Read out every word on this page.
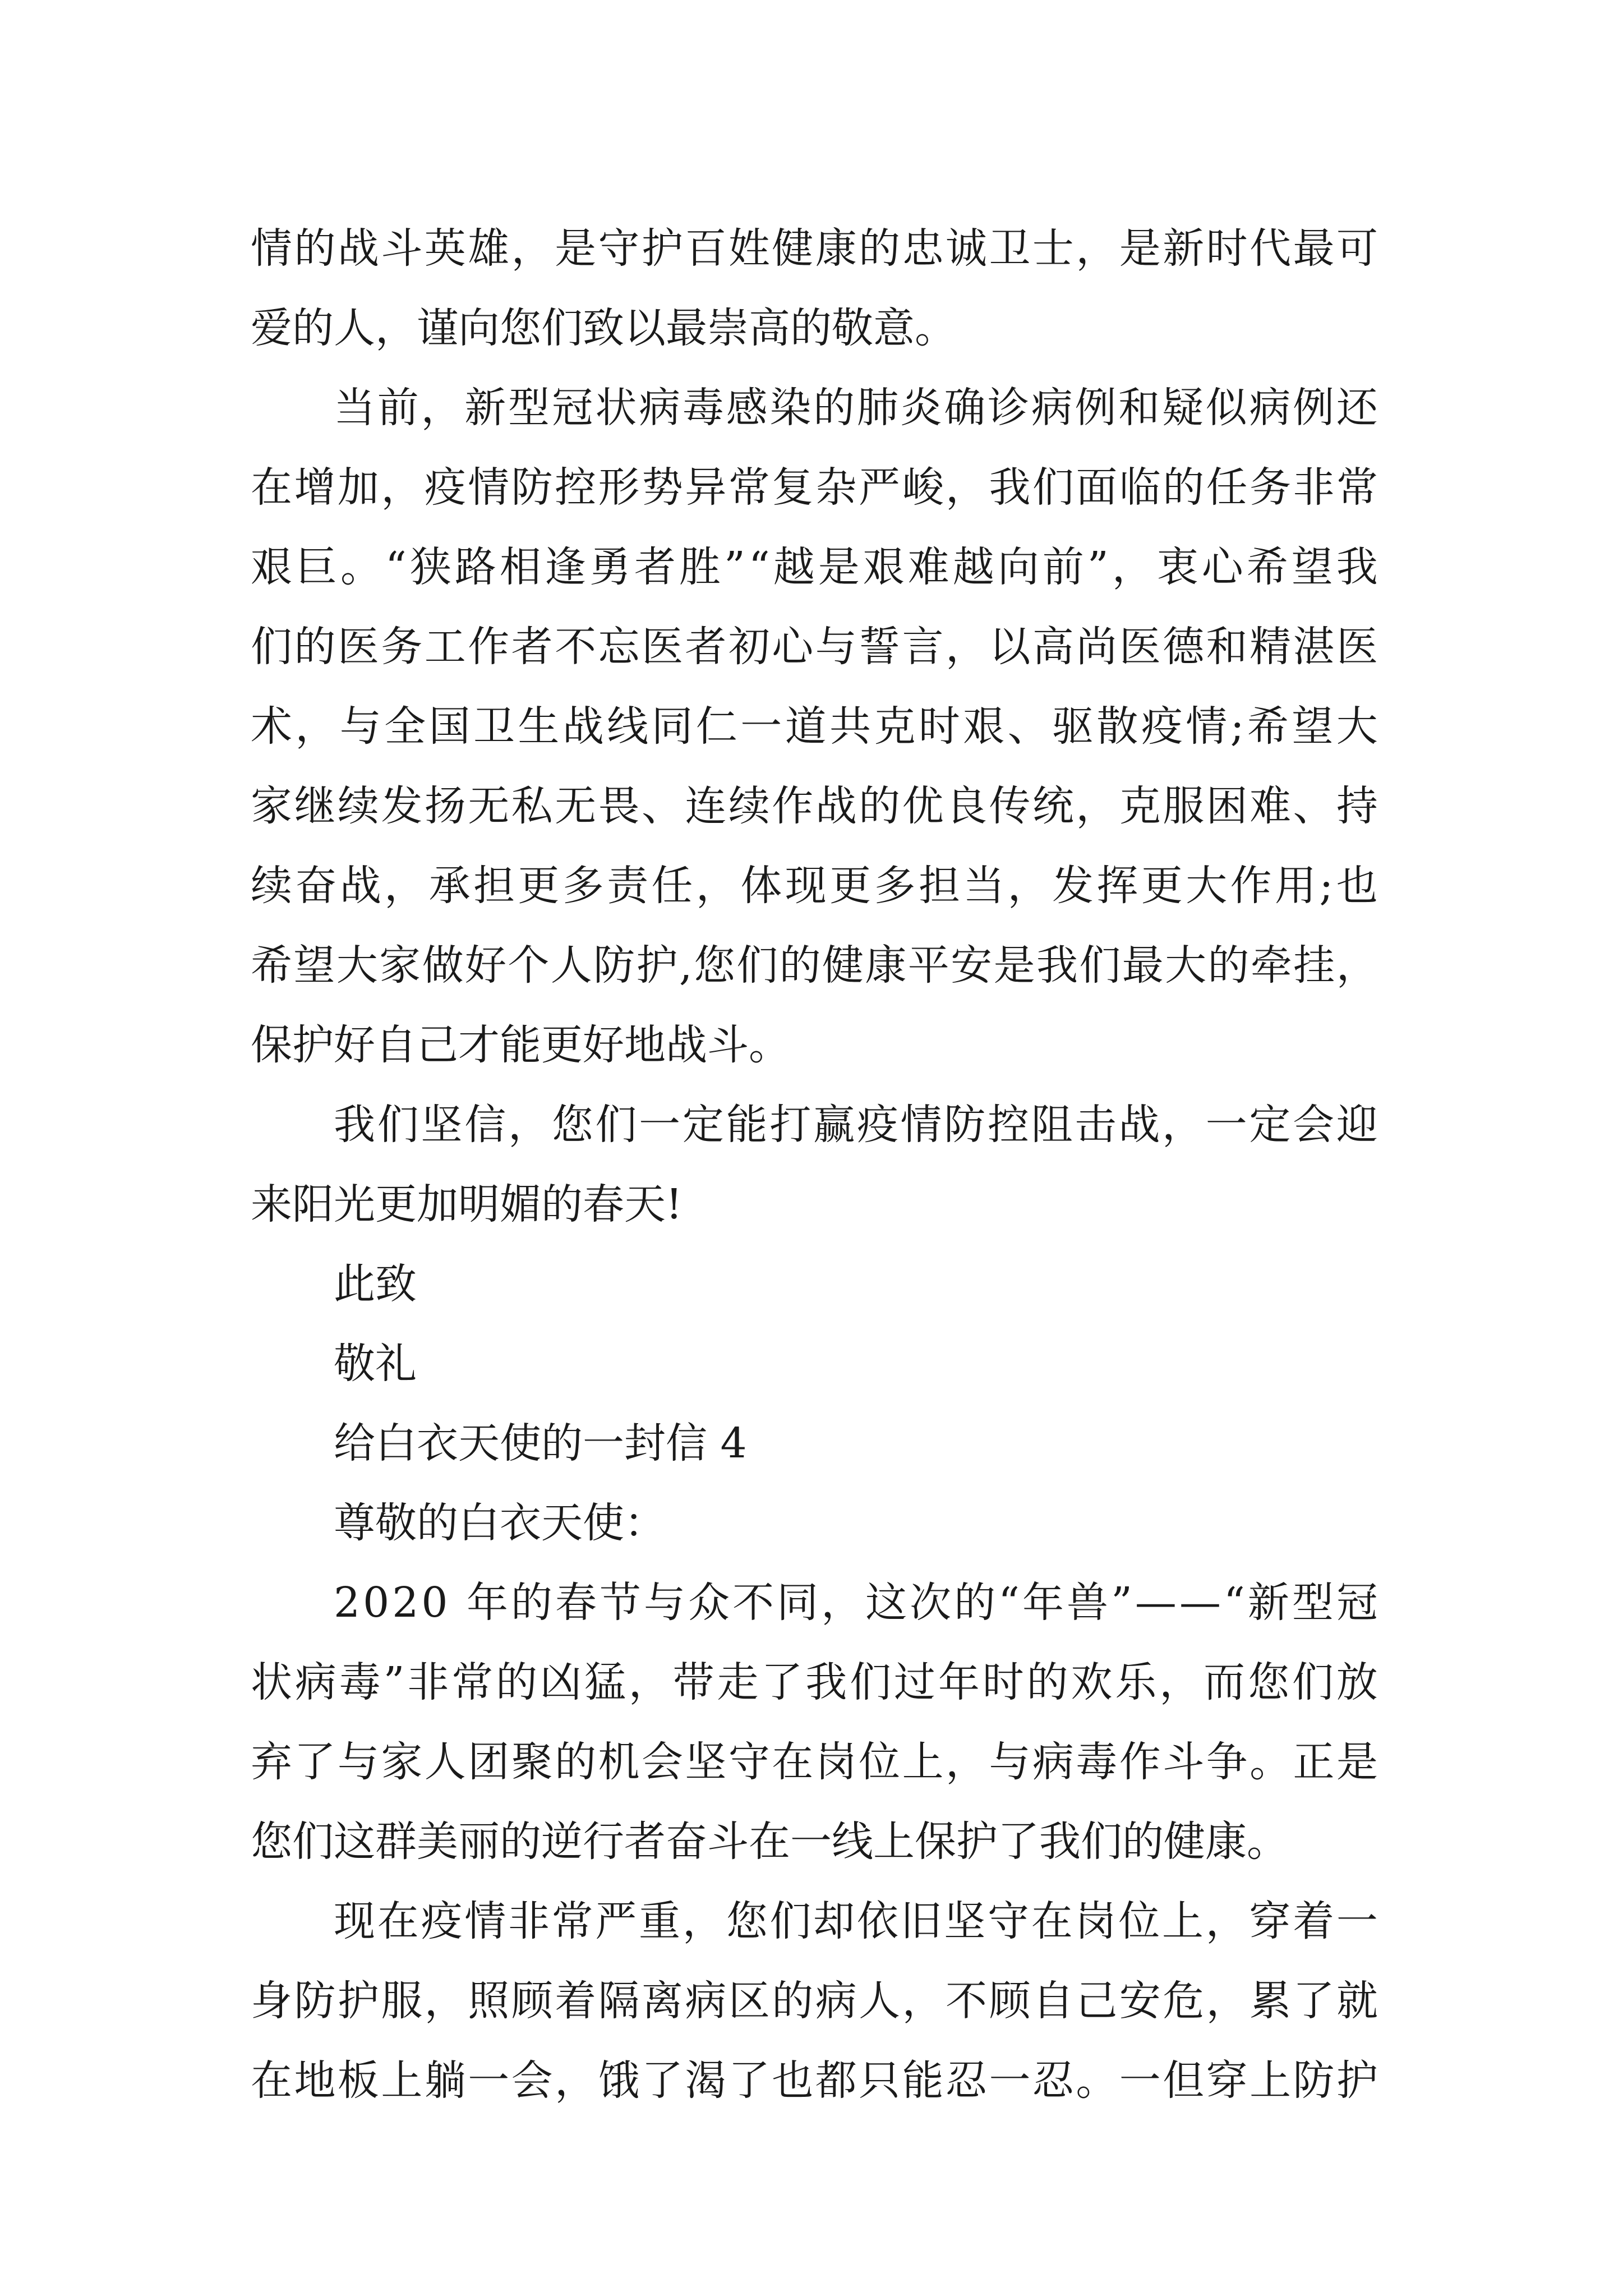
情 的 战 斗 英 雄 ， 是 守 护 百 姓 健 康 的 忠 诚 卫 士 ， 是 新 时 代 最 可
爱的人，谨向您们致以最崇高的敬意。
当 前 ， 新 型 冠 状 病 毒 感 染 的 肺 炎 确 诊 病 例 和 疑 似 病 例 还
在 增 加 ， 疫 情 防 控 形 势 异 常 复 杂 严 峻 ， 我 们 面 临 的 任 务 非 常
艰 巨 。 “ 狭 路 相 逢 勇 者 胜 ” “ 越 是 艰 难 越 向 前 ” ， 衷 心 希 望 我
们 的 医 务 工 作 者 不 忘 医 者 初 心 与 誓 言 ， 以 高 尚 医 德 和 精 湛 医
术 ， 与 全 国 卫 生 战 线 同 仁 一 道 共 克 时 艰 、 驱 散 疫 情 ; 希 望 大
家 继 续 发 扬 无 私 无 畏 、 连 续 作 战 的 优 良 传 统 ， 克 服 困 难 、 持
续 奋 战 ， 承 担 更 多 责 任 ， 体 现 更 多 担 当 ， 发 挥 更 大 作 用 ; 也
希 望 大 家 做 好 个 人 防 护 , 您 们 的 健 康 平 安 是 我 们 最 大 的 牵 挂 ，
保护好自己才能更好地战斗。
我 们 坚 信 ， 您 们 一 定 能 打 赢 疫 情 防 控 阻 击 战 ， 一 定 会 迎
来阳光更加明媚的春天!
此致
敬礼
给白衣天使的一封信 4
尊敬的白衣天使：
2 0 2 0
年 的 春 节 与 众 不 同 ， 这 次 的 “ 年 兽 ” — — “ 新 型 冠
状 病 毒 ” 非 常 的 凶 猛 ， 带 走 了 我 们 过 年 时 的 欢 乐 ， 而 您 们 放
弃 了 与 家 人 团 聚 的 机 会 坚 守 在 岗 位 上 ， 与 病 毒 作 斗 争 。 正 是
您们这群美丽的逆行者奋斗在一线上保护了我们的健康。
现 在 疫 情 非 常 严 重 ， 您 们 却 依 旧 坚 守 在 岗 位 上 ， 穿 着 一
身 防 护 服 ， 照 顾 着 隔 离 病 区 的 病 人 ， 不 顾 自 己 安 危 ， 累 了 就
在 地 板 上 躺 一 会 ， 饿 了 渴 了 也 都 只 能 忍 一 忍 。 一 但 穿 上 防 护
